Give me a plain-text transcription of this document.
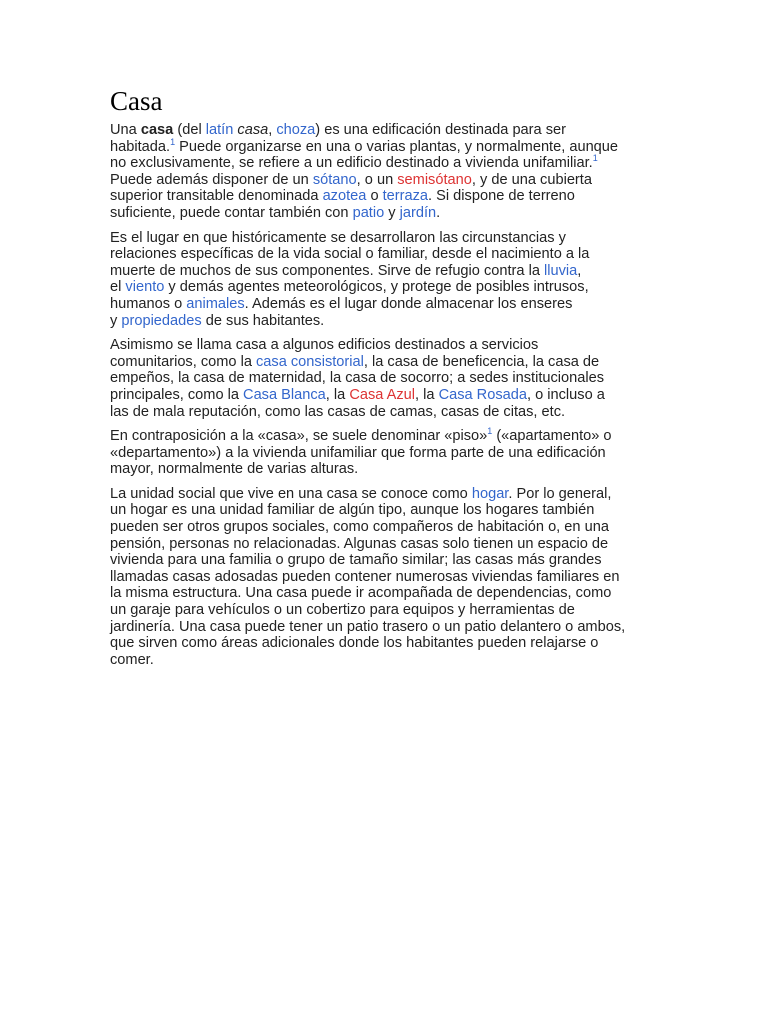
Casa

Una casa (del latín casa, choza) es una edificación destinada para ser
habitada.$^1$ Puede organizarse en una o varias plantas, y normalmente, aunque
no exclusivamente, se refiere a un edificio destinado a vivienda unifamiliar.$^1$
Puede además disponer de un sótano, o un semisótano, y de una cubierta
superior transitable denominada azotea o terraza. Si dispone de terreno
suficiente, puede contar también con patio y jardín.

Es el lugar en que históricamente se desarrollaron las circunstancias y
relaciones específicas de la vida social o familiar, desde el nacimiento a la
muerte de muchos de sus componentes. Sirve de refugio contra la lluvia,
el viento y demás agentes meteorológicos, y protege de posibles intrusos,
humanos o animales. Además es el lugar donde almacenar los enseres
y propiedades de sus habitantes.

Asimismo se llama casa a algunos edificios destinados a servicios
comunitarios, como la casa consistorial, la casa de beneficencia, la casa de
empeños, la casa de maternidad, la casa de socorro; a sedes institucionales
principales, como la Casa Blanca, la Casa Azul, la Casa Rosada, o incluso a
las de mala reputación, como las casas de camas, casas de citas, etc.

En contraposición a la «casa», se suele denominar «piso»$^1$ («apartamento» o
«departamento») a la vivienda unifamiliar que forma parte de una edificación
mayor, normalmente de varias alturas.

La unidad social que vive en una casa se conoce como hogar. Por lo general,
un hogar es una unidad familiar de algún tipo, aunque los hogares también
pueden ser otros grupos sociales, como compañeros de habitación o, en una
pensión, personas no relacionadas. Algunas casas solo tienen un espacio de
vivienda para una familia o grupo de tamaño similar; las casas más grandes
llamadas casas adosadas pueden contener numerosas viviendas familiares en
la misma estructura. Una casa puede ir acompañada de dependencias, como
un garaje para vehículos o un cobertizo para equipos y herramientas de
jardinería. Una casa puede tener un patio trasero o un patio delantero o ambos,
que sirven como áreas adicionales donde los habitantes pueden relajarse o
comer.
